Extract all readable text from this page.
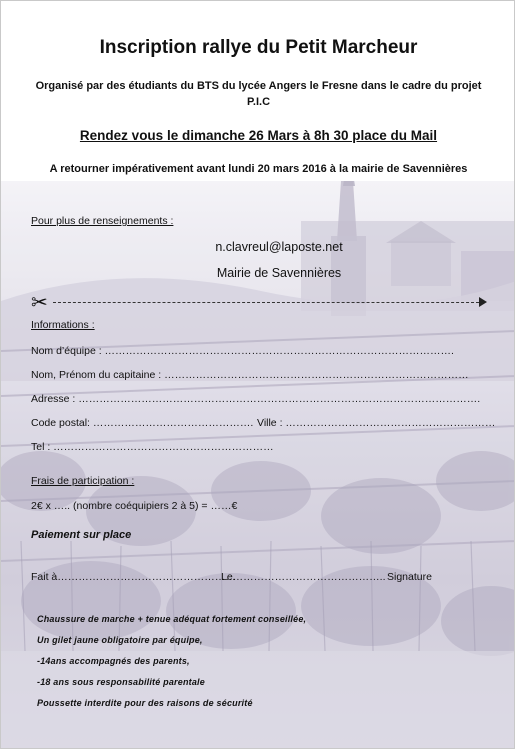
Inscription rallye du Petit Marcheur
Organisé par des étudiants du BTS du lycée Angers le Fresne dans le cadre du projet P.I.C
Rendez vous le dimanche 26 Mars à 8h 30 place du Mail
A retourner impérativement avant lundi 20 mars 2016 à la mairie de Savennières
Pour plus de renseignements :
n.clavreul@laposte.net
Mairie de Savennières
✂
Informations :
Nom d’équipe : ……………………………………………………………………………………….
Nom, Prénom du capitaine : ……………………………………………………………………………
Adresse : …………………………………………………………………………………………………….
Code postal: ………………………………………. Ville : ……………………………………………………
Tel : ………………………………………………………
Frais de participation :
2€ x ….. (nombre coéquipiers 2 à 5) = ……€
Paiement sur place
Fait à……………………………………………
Le…………………………………….. Signature
Chaussure de marche + tenue adéquat fortement conseillée,
Un gilet jaune obligatoire par équipe,
-14ans accompagnés des parents,
-18 ans sous responsabilité parentale
Poussette interdite pour des raisons de sécurité
